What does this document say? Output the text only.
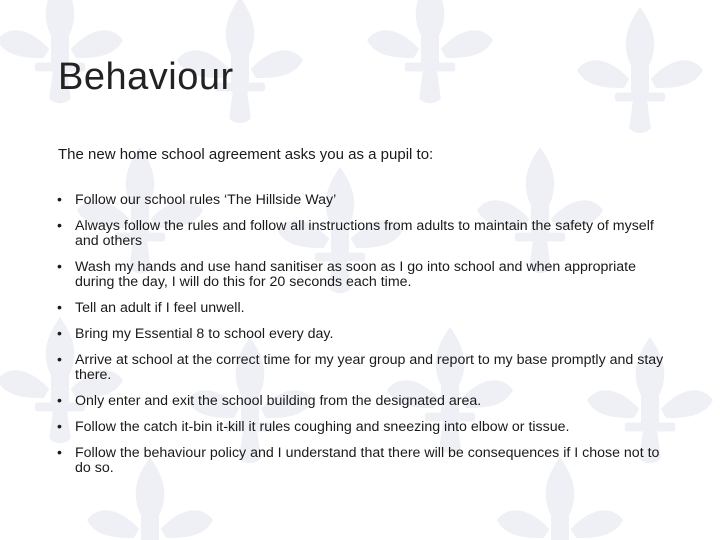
Behaviour

The new home school agreement asks you as a pupil to:

• Follow our school rules ‘The Hillside Way’
• Always follow the rules and follow all instructions from adults to maintain the safety of myself and others
• Wash my hands and use hand sanitiser as soon as I go into school and when appropriate during the day, I will do this for 20 seconds each time.
• Tell an adult if I feel unwell.
• Bring my Essential 8 to school every day.
• Arrive at school at the correct time for my year group and report to my base promptly and stay there.
• Only enter and exit the school building from the designated area.
• Follow the catch it-bin it-kill it rules coughing and sneezing into elbow or tissue.
• Follow the behaviour policy and I understand that there will be consequences if I chose not to do so.
